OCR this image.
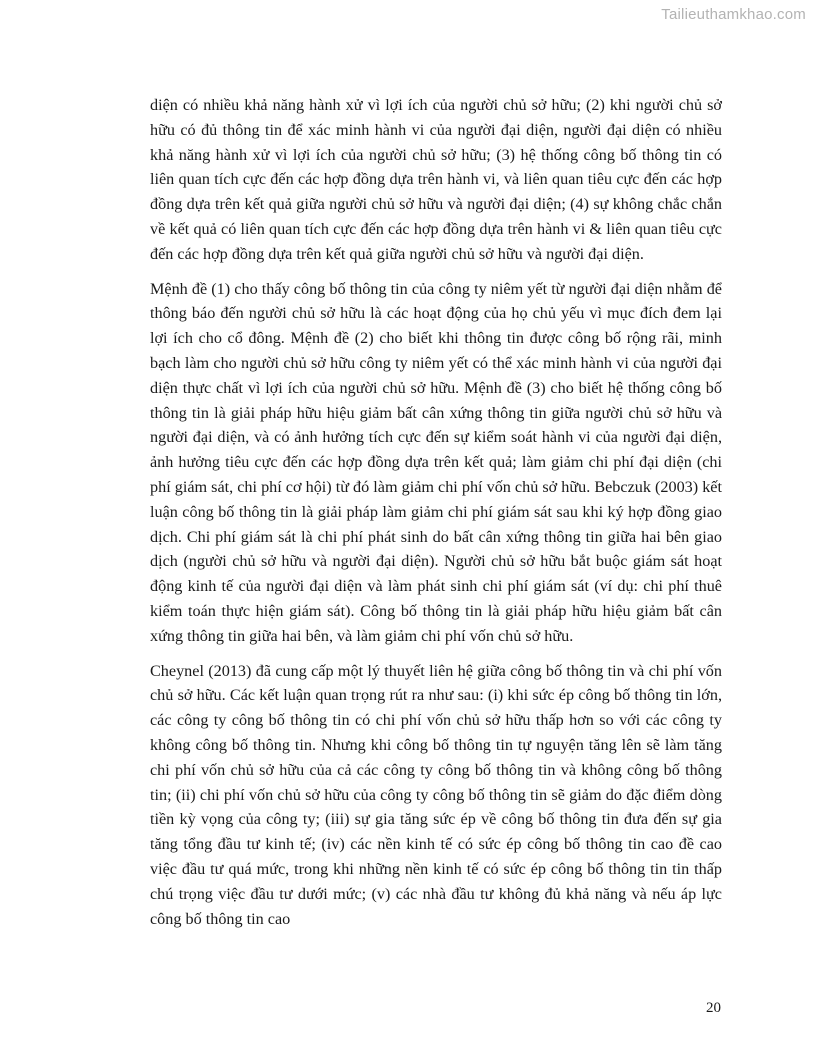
Tailieuthamkhao.com

diện có nhiều khả năng hành xử vì lợi ích của người chủ sở hữu; (2) khi người chủ sở hữu có đủ thông tin để xác minh hành vi của người đại diện, người đại diện có nhiều khả năng hành xử vì lợi ích của người chủ sở hữu; (3) hệ thống công bố thông tin có liên quan tích cực đến các hợp đồng dựa trên hành vi, và liên quan tiêu cực đến các hợp đồng dựa trên kết quả giữa người chủ sở hữu và người đại diện; (4) sự không chắc chắn về kết quả có liên quan tích cực đến các hợp đồng dựa trên hành vi & liên quan tiêu cực đến các hợp đồng dựa trên kết quả giữa người chủ sở hữu và người đại diện.

Mệnh đề (1) cho thấy công bố thông tin của công ty niêm yết từ người đại diện nhằm để thông báo đến người chủ sở hữu là các hoạt động của họ chủ yếu vì mục đích đem lại lợi ích cho cổ đông. Mệnh đề (2) cho biết khi thông tin được công bố rộng rãi, minh bạch làm cho người chủ sở hữu công ty niêm yết có thể xác minh hành vi của người đại diện thực chất vì lợi ích của người chủ sở hữu. Mệnh đề (3) cho biết hệ thống công bố thông tin là giải pháp hữu hiệu giảm bất cân xứng thông tin giữa người chủ sở hữu và người đại diện, và có ảnh hưởng tích cực đến sự kiểm soát hành vi của người đại diện, ảnh hưởng tiêu cực đến các hợp đồng dựa trên kết quả; làm giảm chi phí đại diện (chi phí giám sát, chi phí cơ hội) từ đó làm giảm chi phí vốn chủ sở hữu. Bebczuk (2003) kết luận công bố thông tin là giải pháp làm giảm chi phí giám sát sau khi ký hợp đồng giao dịch. Chi phí giám sát là chi phí phát sinh do bất cân xứng thông tin giữa hai bên giao dịch (người chủ sở hữu và người đại diện). Người chủ sở hữu bắt buộc giám sát hoạt động kinh tế của người đại diện và làm phát sinh chi phí giám sát (ví dụ: chi phí thuê kiểm toán thực hiện giám sát). Công bố thông tin là giải pháp hữu hiệu giảm bất cân xứng thông tin giữa hai bên, và làm giảm chi phí vốn chủ sở hữu.

Cheynel (2013) đã cung cấp một lý thuyết liên hệ giữa công bố thông tin và chi phí vốn chủ sở hữu. Các kết luận quan trọng rút ra như sau: (i) khi sức ép công bố thông tin lớn, các công ty công bố thông tin có chi phí vốn chủ sở hữu thấp hơn so với các công ty không công bố thông tin. Nhưng khi công bố thông tin tự nguyện tăng lên sẽ làm tăng chi phí vốn chủ sở hữu của cả các công ty công bố thông tin và không công bố thông tin; (ii) chi phí vốn chủ sở hữu của công ty công bố thông tin sẽ giảm do đặc điểm dòng tiền kỳ vọng của công ty; (iii) sự gia tăng sức ép về công bố thông tin đưa đến sự gia tăng tổng đầu tư kinh tế; (iv) các nền kinh tế có sức ép công bố thông tin cao đề cao việc đầu tư quá mức, trong khi những nền kinh tế có sức ép công bố thông tin tin thấp chú trọng việc đầu tư dưới mức; (v) các nhà đầu tư không đủ khả năng và nếu áp lực công bố thông tin cao

20
